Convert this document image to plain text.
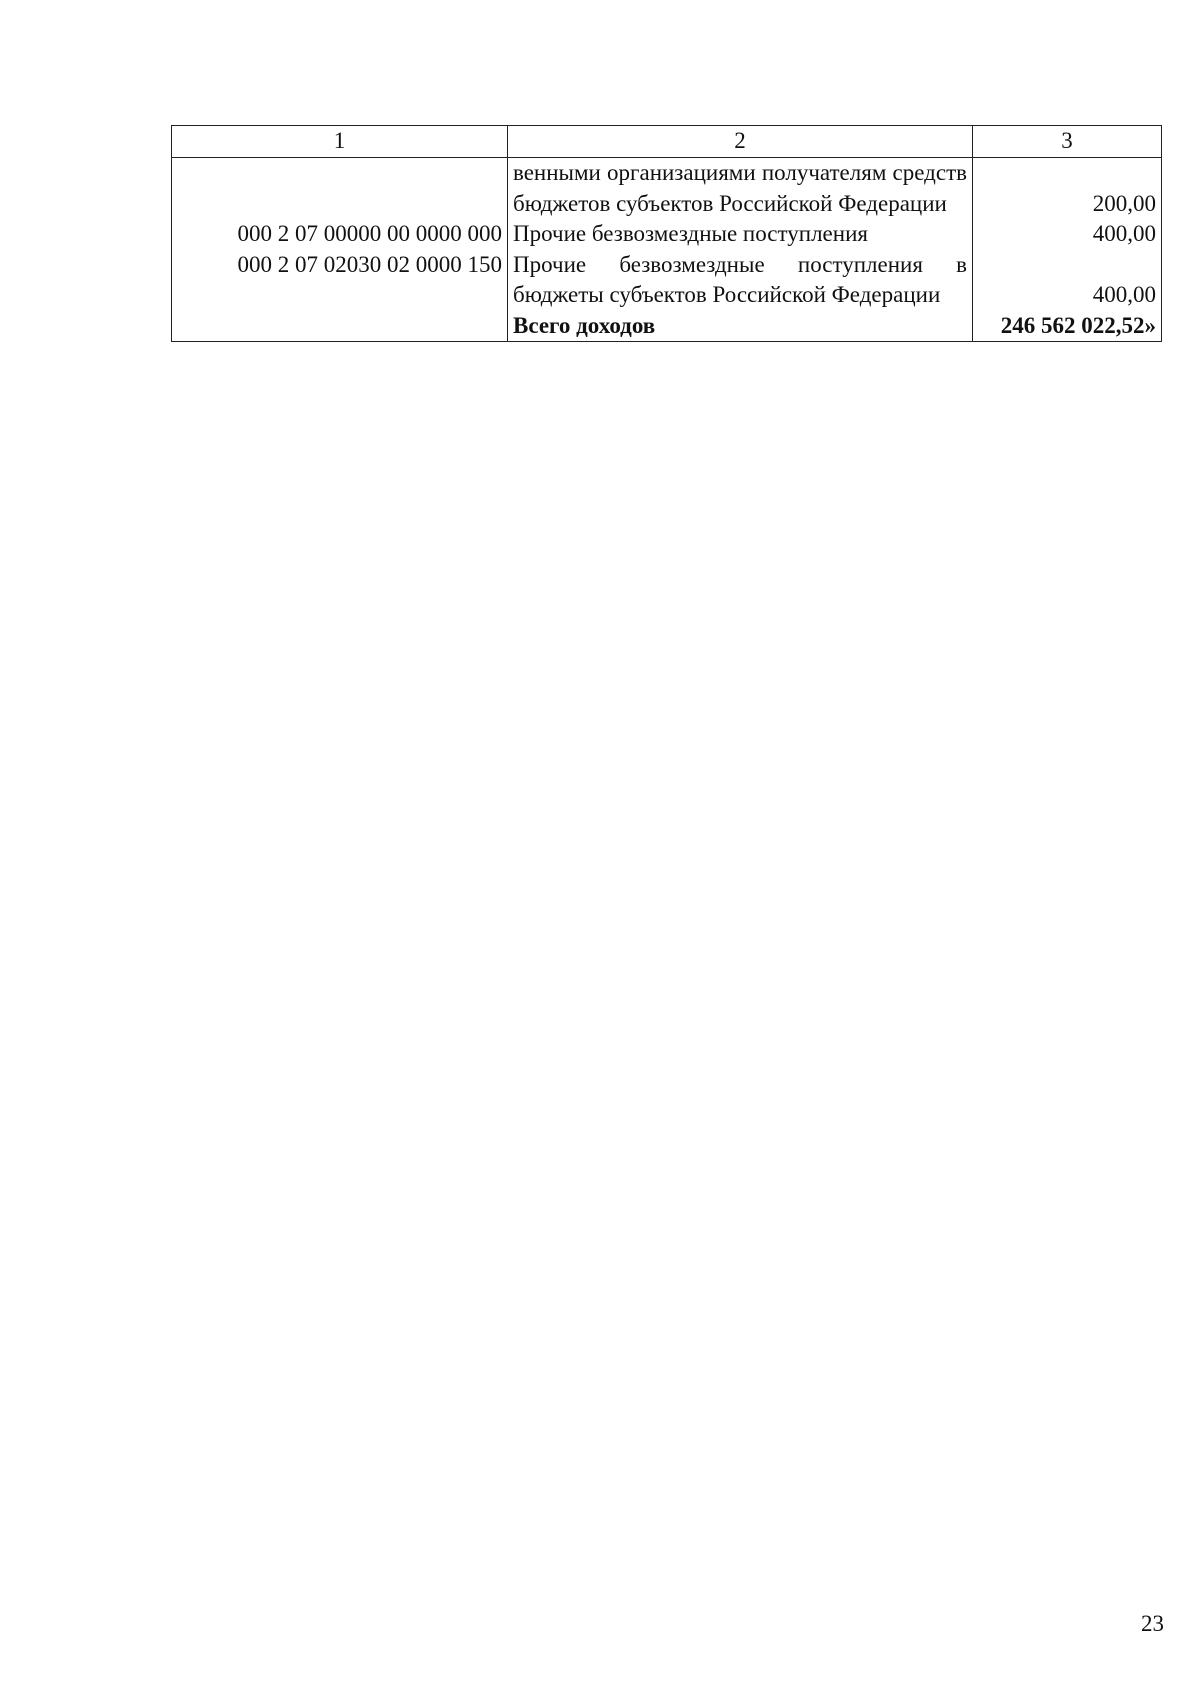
1	2	3
	венными организациями получателям средств бюджетов субъектов Российской Федерации	200,00
000 2 07 00000 00 0000 000	Прочие безвозмездные поступления	400,00
000 2 07 02030 02 0000 150	Прочие безвозмездные поступления в бюджеты субъектов Российской Федерации	400,00
	Всего доходов	246 562 022,52»
23
